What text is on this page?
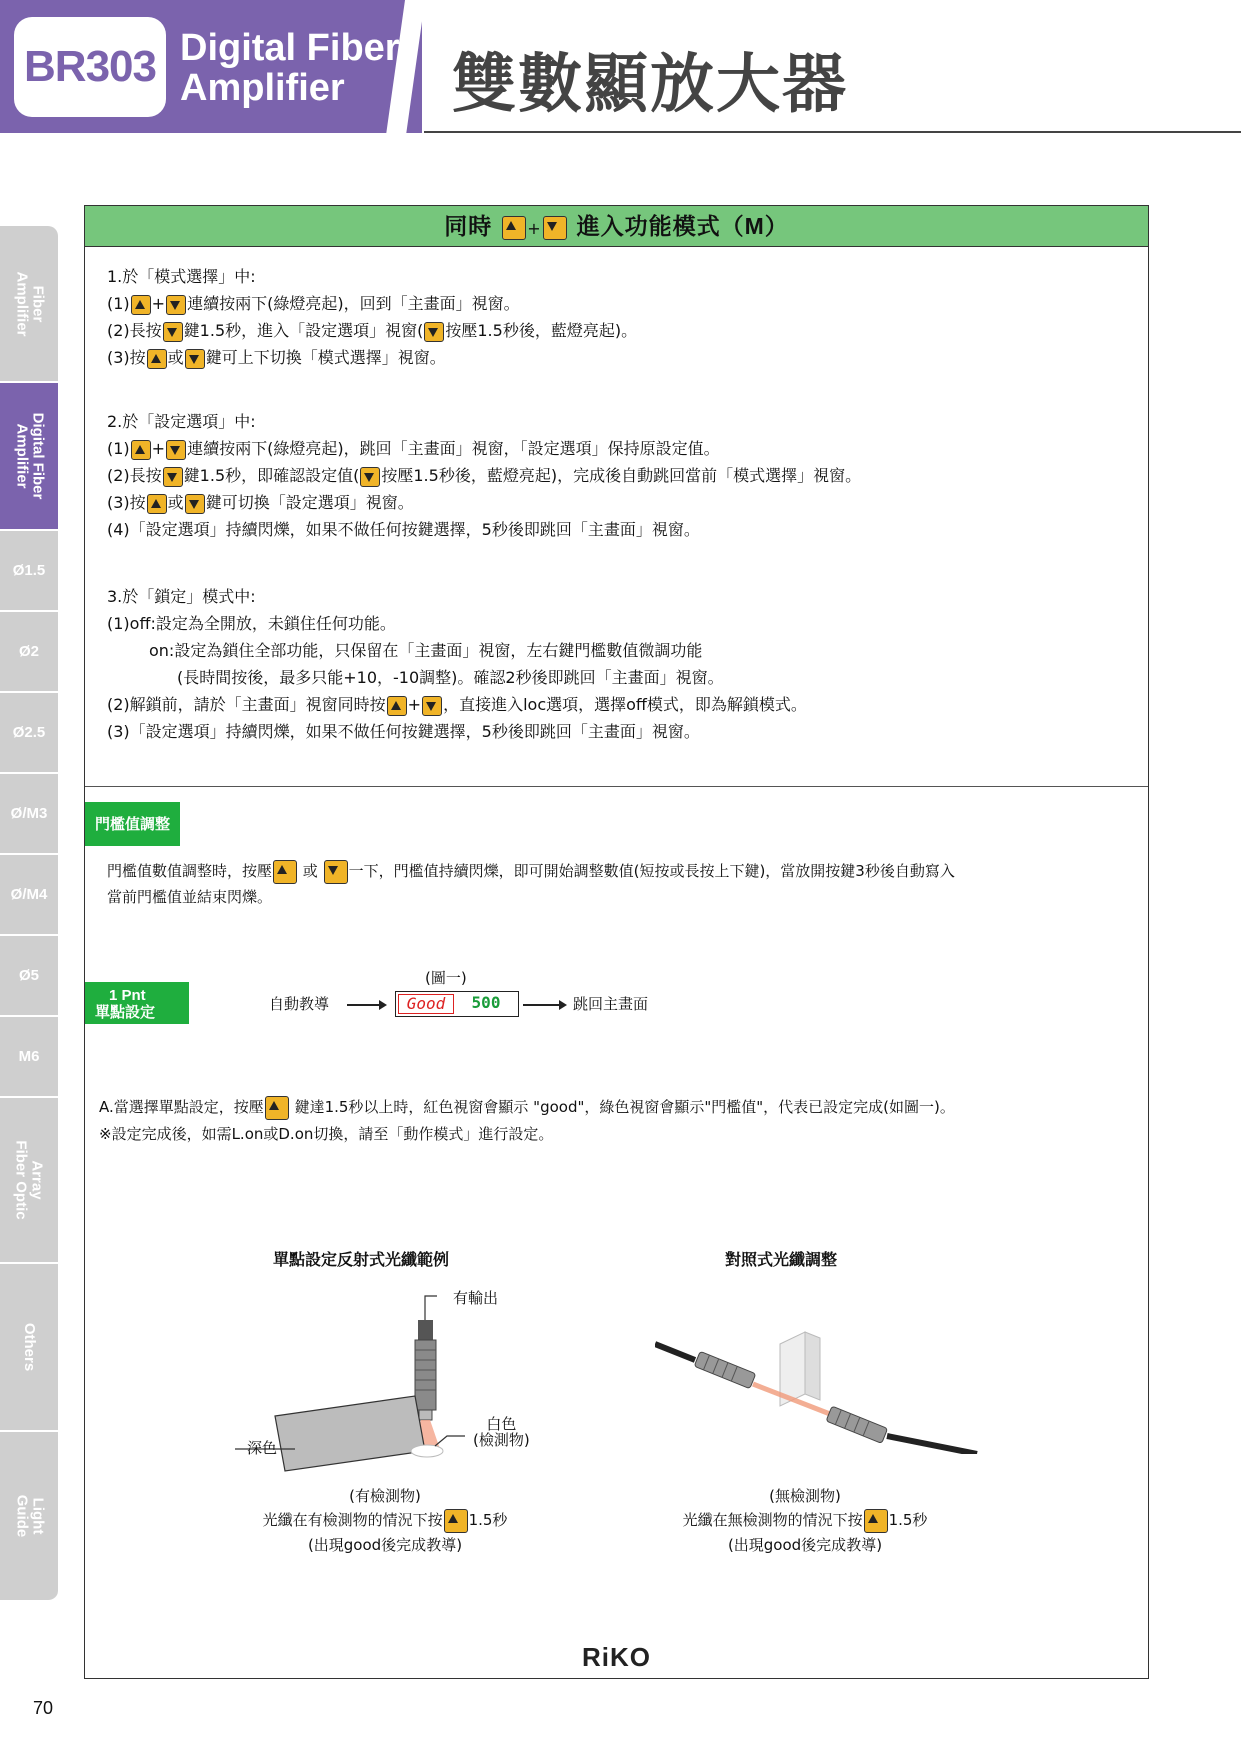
BR303 Digital Fiber
Amplifier	雙數顯放大器
Fiber
Amplifier
Digital Fiber
Amplifier
Ø1.5
Ø2
Ø2.5
Ø/M3
Ø/M4
Ø5
M6
Array
Fiber Optic
Others
Light
Guide
同時 + 進入功能模式（M）
1.於「模式選擇」中:
(1) + 連續按兩下(綠燈亮起)，回到「主畫面」視窗。
(2)長按 鍵1.5秒，進入「設定選項」視窗( 按壓1.5秒後，藍燈亮起)。
(3)按 或 鍵可上下切換「模式選擇」視窗。
2.於「設定選項」中:
(1) + 連續按兩下(綠燈亮起)，跳回「主畫面」視窗，「設定選項」保持原設定值。
(2)長按 鍵1.5秒，即確認設定值( 按壓1.5秒後，藍燈亮起)，完成後自動跳回當前「模式選擇」視窗。
(3)按 或 鍵可切換「設定選項」視窗。
(4)「設定選項」持續閃爍，如果不做任何按鍵選擇，5秒後即跳回「主畫面」視窗。
3.於「鎖定」模式中:
(1)off:設定為全開放，未鎖住任何功能。
on:設定為鎖住全部功能，只保留在「主畫面」視窗，左右鍵門檻數值微調功能
(長時間按後，最多只能+10，-10調整)。確認2秒後即跳回「主畫面」視窗。
(2)解鎖前，請於「主畫面」視窗同時按 + ，直接進入loc選項，選擇off模式，即為解鎖模式。
(3)「設定選項」持續閃爍，如果不做任何按鍵選擇，5秒後即跳回「主畫面」視窗。
門檻值調整
門檻值數值調整時，按壓 或 一下，門檻值持續閃爍，即可開始調整數值(短按或長按上下鍵)，當放開按鍵3秒後自動寫入
當前門檻值並結束閃爍。
1 Pnt
單點設定
(圖一)
自動教導	Good	500	跳回主畫面
A.當選擇單點設定，按壓 鍵達1.5秒以上時，紅色視窗會顯示 "good"，綠色視窗會顯示"門檻值"，代表已設定完成(如圖一)。
※設定完成後，如需L.on或D.on切換，請至「動作模式」進行設定。
單點設定反射式光纖範例
有輸出
深色
白色
(檢測物)
(有檢測物)
光纖在有檢測物的情況下按 1.5秒
(出現good後完成教導)
對照式光纖調整
(無檢測物)
光纖在無檢測物的情況下按 1.5秒
(出現good後完成教導)
RiKO
70
